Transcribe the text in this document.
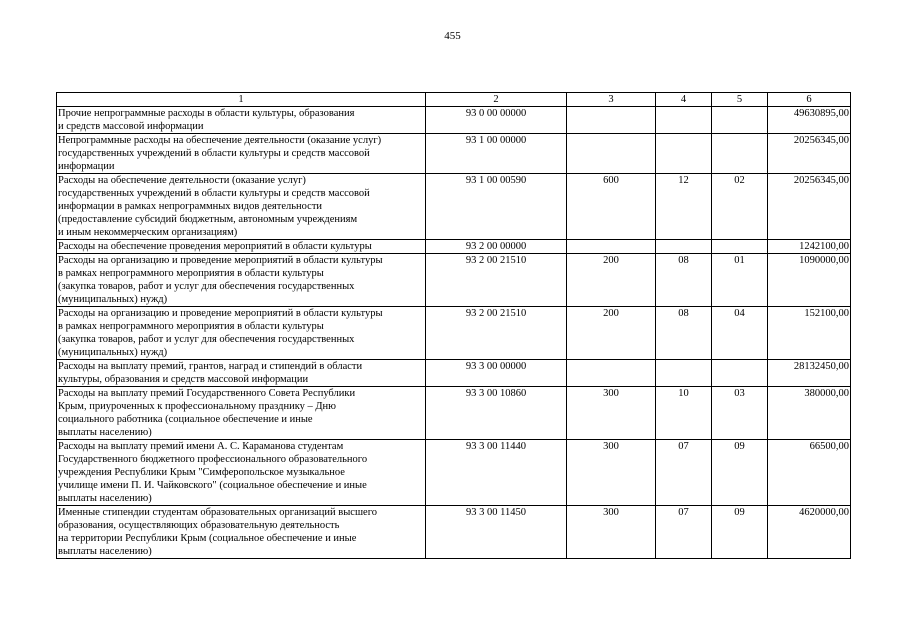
455
1	2	3	4	5	6
Прочие непрограммные расходы в области культуры, образования
и средств массовой информации	93 0 00 00000				49630895,00
Непрограммные расходы на обеспечение деятельности (оказание услуг)
государственных учреждений в области культуры и средств массовой
информации	93 1 00 00000				20256345,00
Расходы на обеспечение деятельности (оказание услуг)
государственных учреждений в области культуры и средств массовой
информации в рамках непрограммных видов деятельности
(предоставление субсидий бюджетным, автономным учреждениям
и иным некоммерческим организациям)	93 1 00 00590	600	12	02	20256345,00
Расходы на обеспечение проведения мероприятий в области культуры	93 2 00 00000				1242100,00
Расходы на организацию и проведение мероприятий в области культуры
в рамках непрограммного мероприятия в области культуры
(закупка товаров, работ и услуг для обеспечения государственных
(муниципальных) нужд)	93 2 00 21510	200	08	01	1090000,00
Расходы на организацию и проведение мероприятий в области культуры
в рамках непрограммного мероприятия в области культуры
(закупка товаров, работ и услуг для обеспечения государственных
(муниципальных) нужд)	93 2 00 21510	200	08	04	152100,00
Расходы на выплату премий, грантов, наград и стипендий в области
культуры, образования и средств массовой информации	93 3 00 00000				28132450,00
Расходы на выплату премий Государственного Совета Республики
Крым, приуроченных к профессиональному празднику – Дню
социального работника (социальное обеспечение и иные
выплаты населению)	93 3 00 10860	300	10	03	380000,00
Расходы на выплату премий имени А. С. Караманова студентам
Государственного бюджетного профессионального образовательного
учреждения Республики Крым "Симферопольское музыкальное
училище имени П. И. Чайковского" (социальное обеспечение и иные
выплаты населению)	93 3 00 11440	300	07	09	66500,00
Именные стипендии студентам образовательных организаций высшего
образования, осуществляющих образовательную деятельность
на территории Республики Крым (социальное обеспечение и иные
выплаты населению)	93 3 00 11450	300	07	09	4620000,00
